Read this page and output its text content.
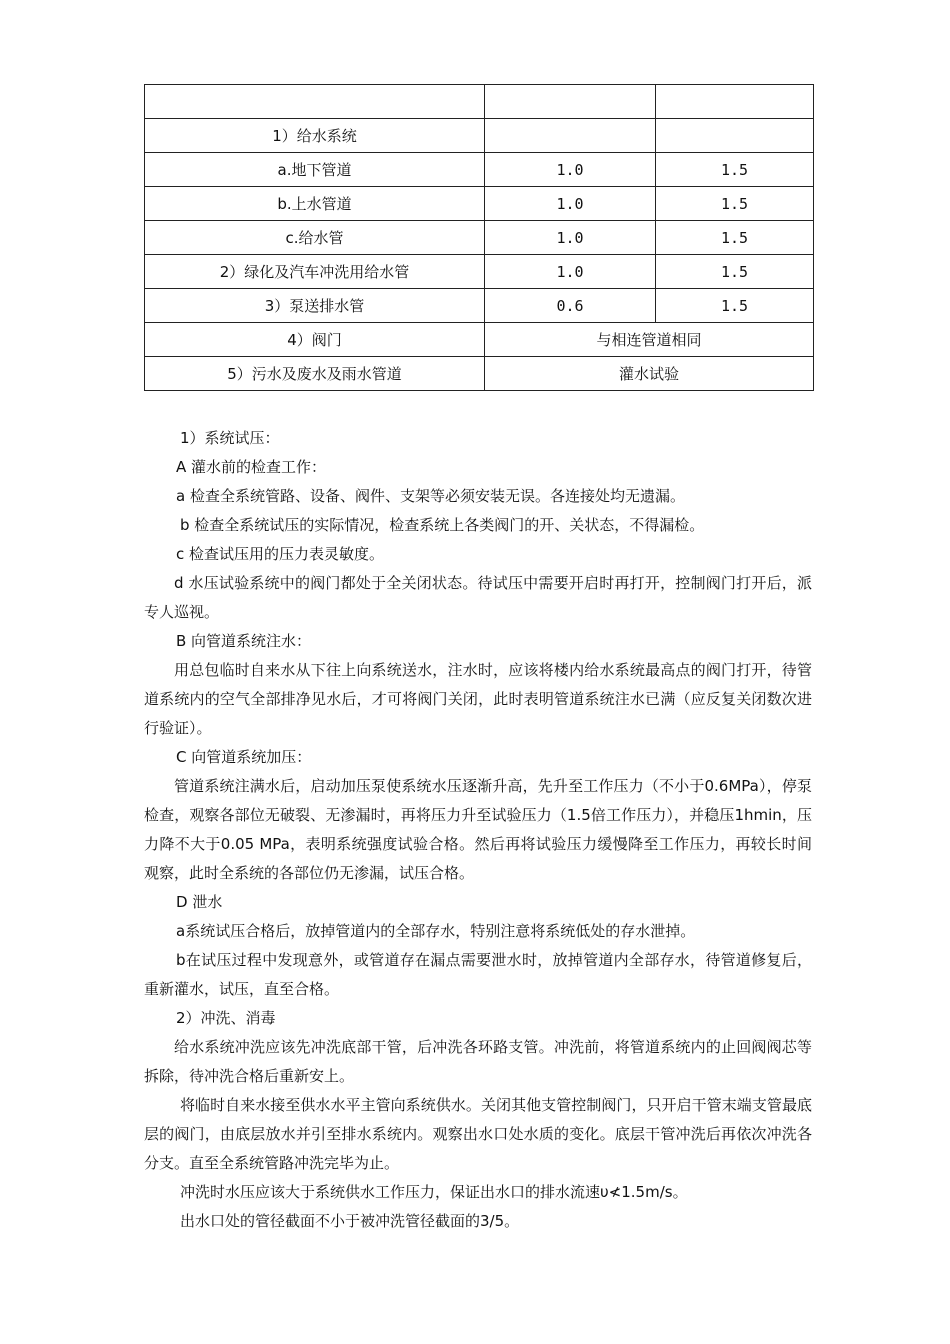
1）给水系统		
a.地下管道	1.0	1.5
b.上水管道	1.0	1.5
c.给水管	1.0	1.5
2）绿化及汽车冲洗用给水管	1.0	1.5
3）泵送排水管	0.6	1.5
4）阀门	与相连管道相同	
5）污水及废水及雨水管道	灌水试验	

1）系统试压：

A 灌水前的检查工作：

a 检查全系统管路、设备、阀件、支架等必须安装无误。各连接处均无遗漏。

b 检查全系统试压的实际情况，检查系统上各类阀门的开、关状态，不得漏检。

c 检查试压用的压力表灵敏度。

d 水压试验系统中的阀门都处于全关闭状态。待试压中需要开启时再打开，控制阀门打开后，派专人巡视。

B 向管道系统注水：

用总包临时自来水从下往上向系统送水，注水时，应该将楼内给水系统最高点的阀门打开，待管道系统内的空气全部排净见水后，才可将阀门关闭，此时表明管道系统注水已满（应反复关闭数次进行验证）。

C 向管道系统加压：

管道系统注满水后，启动加压泵使系统水压逐渐升高，先升至工作压力（不小于0.6MPa），停泵检查，观察各部位无破裂、无渗漏时，再将压力升至试验压力（1.5倍工作压力），并稳压1hmin，压力降不大于0.05 MPa，表明系统强度试验合格。然后再将试验压力缓慢降至工作压力，再较长时间观察，此时全系统的各部位仍无渗漏，试压合格。

D 泄水

a系统试压合格后，放掉管道内的全部存水，特别注意将系统低处的存水泄掉。

b在试压过程中发现意外，或管道存在漏点需要泄水时，放掉管道内全部存水，待管道修复后，重新灌水，试压，直至合格。

2）冲洗、消毒

给水系统冲洗应该先冲洗底部干管，后冲洗各环路支管。冲洗前，将管道系统内的止回阀阀芯等拆除，待冲洗合格后重新安上。

将临时自来水接至供水水平主管向系统供水。关闭其他支管控制阀门，只开启干管末端支管最底层的阀门，由底层放水并引至排水系统内。观察出水口处水质的变化。底层干管冲洗后再依次冲洗各分支。直至全系统管路冲洗完毕为止。

冲洗时水压应该大于系统供水工作压力，保证出水口的排水流速υ≮1.5m/s。

出水口处的管径截面不小于被冲洗管径截面的3/5。
